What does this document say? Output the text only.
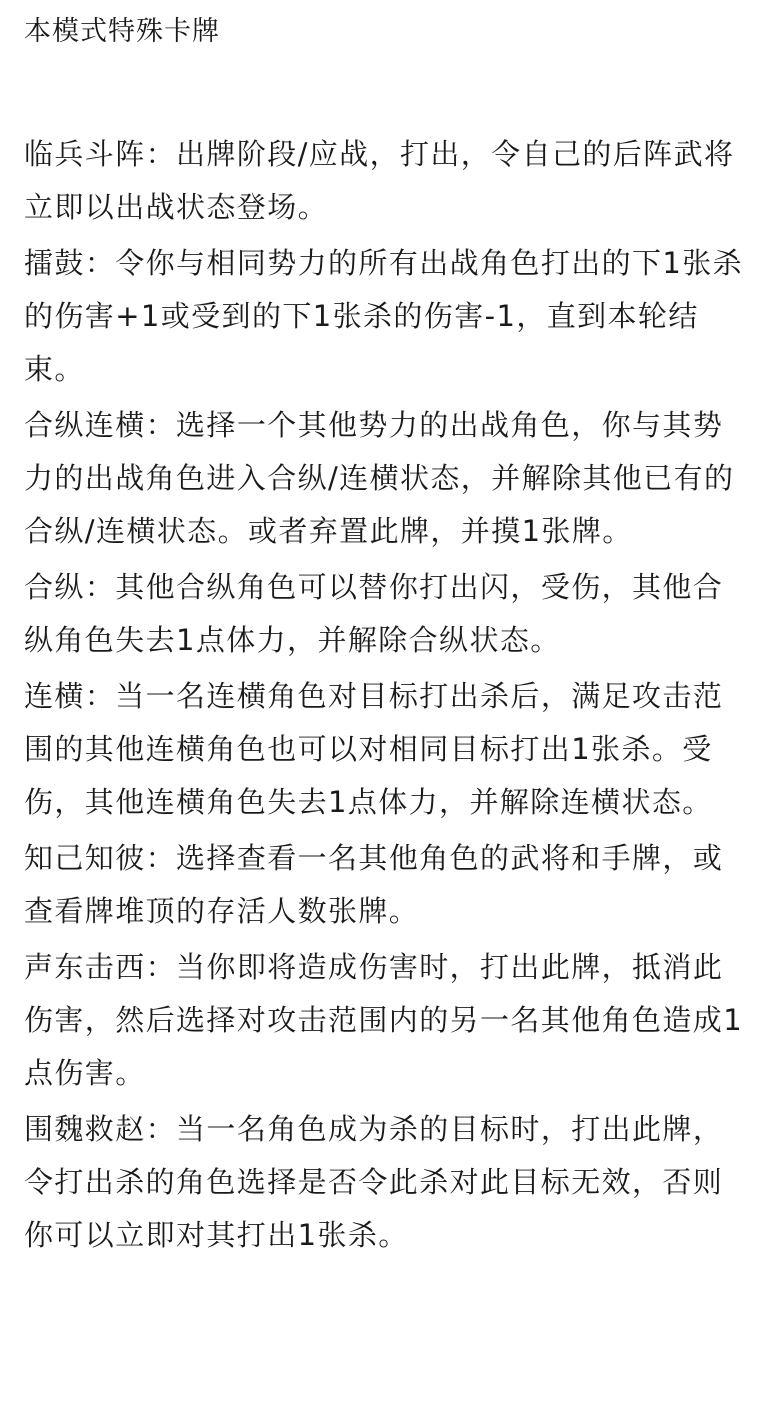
本模式特殊卡牌

临兵斗阵：出牌阶段/应战，打出，令自己的后阵武将立即以出战状态登场。

擂鼓：令你与相同势力的所有出战角色打出的下1张杀的伤害+1或受到的下1张杀的伤害-1，直到本轮结束。

合纵连横：选择一个其他势力的出战角色，你与其势力的出战角色进入合纵/连横状态，并解除其他已有的合纵/连横状态。或者弃置此牌，并摸1张牌。

合纵：其他合纵角色可以替你打出闪，受伤，其他合纵角色失去1点体力，并解除合纵状态。

连横：当一名连横角色对目标打出杀后，满足攻击范围的其他连横角色也可以对相同目标打出1张杀。受伤，其他连横角色失去1点体力，并解除连横状态。

知己知彼：选择查看一名其他角色的武将和手牌，或查看牌堆顶的存活人数张牌。

声东击西：当你即将造成伤害时，打出此牌，抵消此伤害，然后选择对攻击范围内的另一名其他角色造成1点伤害。

围魏救赵：当一名角色成为杀的目标时，打出此牌，令打出杀的角色选择是否令此杀对此目标无效，否则你可以立即对其打出1张杀。
